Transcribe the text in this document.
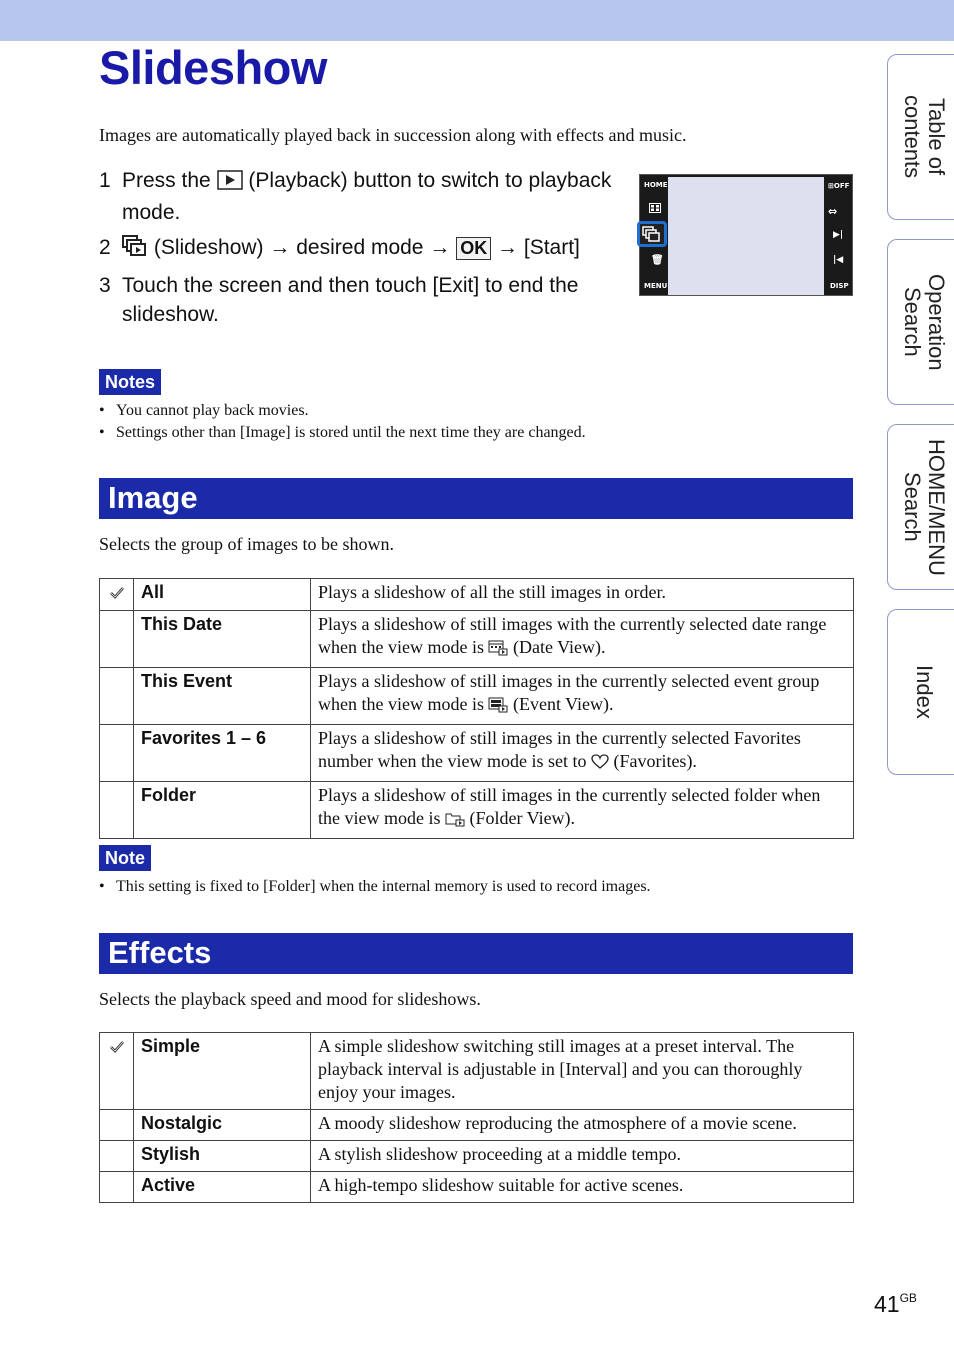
Slideshow
Images are automatically played back in succession along with effects and music.
1 Press the (Playback) button to switch to playback mode.
2	(Slideshow) → desired mode → OK → [Start]
3 Touch the screen and then touch [Exit] to end the slideshow.
HOME
🗑
MENU
⊞OFF
⇔
▶|
|◀
DISP
Notes
• You cannot play back movies.
• Settings other than [Image] is stored until the next time they are changed.
Image
Selects the group of images to be shown.
	All	Plays a slideshow of all the still images in order.
	This Date	Plays a slideshow of still images with the currently selected date range when the view mode is (Date View).
	This Event	Plays a slideshow of still images in the currently selected event group when the view mode is (Event View).
	Favorites 1 – 6	Plays a slideshow of still images in the currently selected Favorites number when the view mode is set to (Favorites).
	Folder	Plays a slideshow of still images in the currently selected folder when the view mode is (Folder View).
Note
• This setting is fixed to [Folder] when the internal memory is used to record images.
Effects
Selects the playback speed and mood for slideshows.
	Simple	A simple slideshow switching still images at a preset interval. The playback interval is adjustable in [Interval] and you can thoroughly enjoy your images.
	Nostalgic	A moody slideshow reproducing the atmosphere of a movie scene.
	Stylish	A stylish slideshow proceeding at a middle tempo.
	Active	A high-tempo slideshow suitable for active scenes.
Table of
contents
Operation
Search
HOME/MENU
Search
Index
$41^{GB}$
